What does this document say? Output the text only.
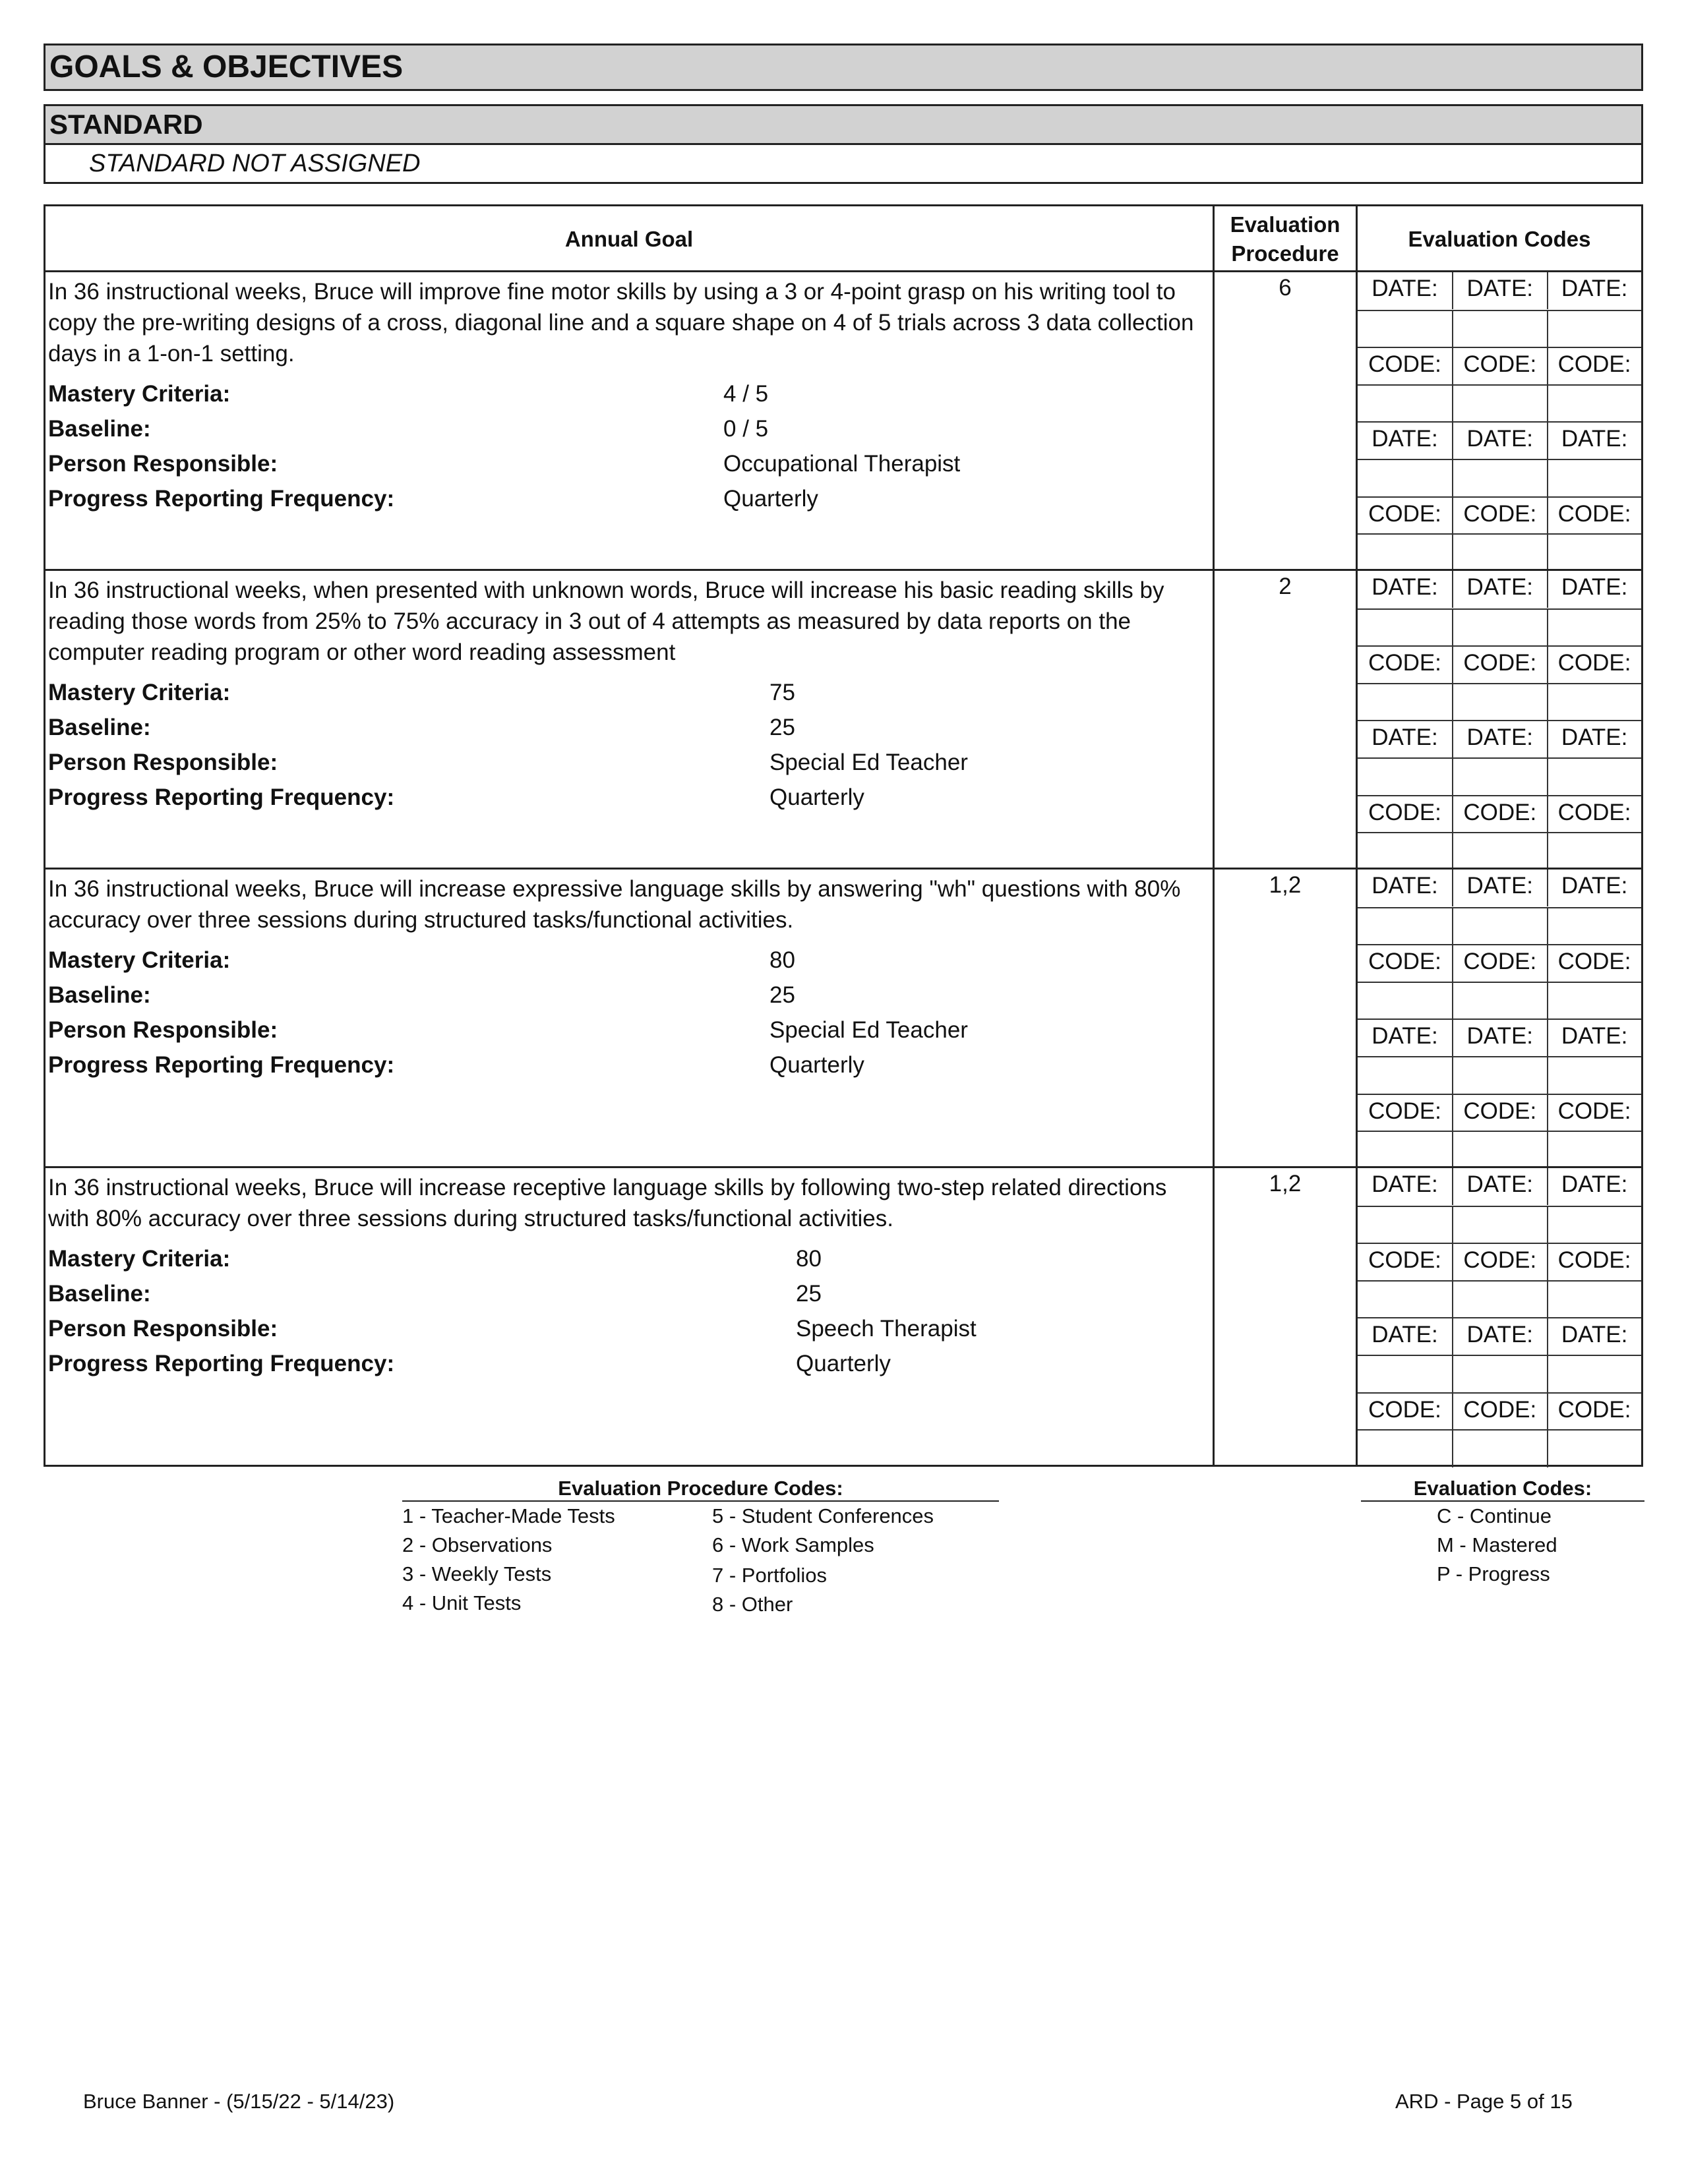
GOALS & OBJECTIVES
STANDARD
STANDARD NOT ASSIGNED
Annual Goal
Evaluation
Procedure
Evaluation Codes
In 36 instructional weeks, Bruce will improve fine motor skills by using a 3 or 4-point grasp on his writing tool to copy the pre-writing designs of a cross, diagonal line and a square shape on 4 of 5 trials across 3 data collection days in a 1-on-1 setting.
Mastery Criteria:	4 / 5
Baseline:	0 / 5
Person Responsible:	Occupational Therapist
Progress Reporting Frequency:	Quarterly
6	DATE:	DATE:	DATE:
CODE: CODE: CODE:
DATE:	DATE:	DATE:
CODE: CODE: CODE:
In 36 instructional weeks, when presented with unknown words, Bruce will increase his basic reading skills by reading those words from 25% to 75% accuracy in 3 out of 4 attempts as measured by data reports on the computer reading program or other word reading assessment
Mastery Criteria:	75
Baseline:	25
Person Responsible:	Special Ed Teacher
Progress Reporting Frequency:	Quarterly
2	DATE:	DATE:	DATE:
CODE: CODE: CODE:
DATE:	DATE:	DATE:
CODE: CODE: CODE:
In 36 instructional weeks, Bruce will increase expressive language skills by answering "wh" questions with 80% accuracy over three sessions during structured tasks/functional activities.
Mastery Criteria:	80
Baseline:	25
Person Responsible:	Special Ed Teacher
Progress Reporting Frequency:	Quarterly
1,2	DATE:	DATE:	DATE:
CODE: CODE: CODE:
DATE:	DATE:	DATE:
CODE: CODE: CODE:
In 36 instructional weeks, Bruce will increase receptive language skills by following two-step related directions with 80% accuracy over three sessions during structured tasks/functional activities.
Mastery Criteria:	80
Baseline:	25
Person Responsible:	Speech Therapist
Progress Reporting Frequency:	Quarterly
1,2	DATE:	DATE:	DATE:
CODE: CODE: CODE:
DATE:	DATE:	DATE:
CODE: CODE: CODE:
Evaluation Procedure Codes:
1 - Teacher-Made Tests
2 - Observations
3 - Weekly Tests
4 - Unit Tests
5 - Student Conferences
6 - Work Samples
7 - Portfolios
8 - Other
Evaluation Codes:
C - Continue
M - Mastered
P - Progress
Bruce Banner - (5/15/22 - 5/14/23)	ARD - Page 5 of 15
